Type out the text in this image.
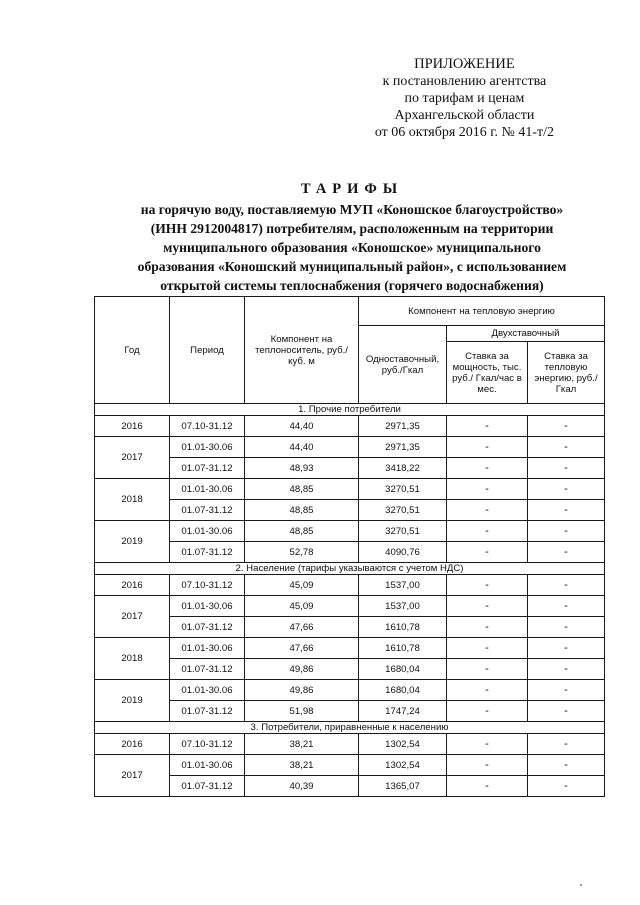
ПРИЛОЖЕНИЕ
к постановлению агентства
по тарифам и ценам
Архангельской области
от 06 октября 2016 г. № 41-т/2
ТАРИФЫ
на горячую воду, поставляемую МУП «Коношское благоустройство»
(ИНН 2912004817) потребителям, расположенным на территории
муниципального образования «Коношское» муниципального
образования «Коношский муниципальный район», с использованием
открытой системы теплоснабжения (горячего водоснабжения)
Год	Период	Компонент на теплоноситель, руб./куб. м	Компонент на тепловую энергию		
			Одноставочный, руб./Гкал	Двухставочный	
				Ставка за мощность, тыс. руб./ Гкал/час в мес.	Ставка за тепловую энергию, руб./Гкал
1. Прочие потребители					
2016	07.10-31.12	44,40	2971,35	-	-
2017	01.01-30.06	44,40	2971,35	-	-
	01.07-31.12	48,93	3418,22	-	-
2018	01.01-30.06	48,85	3270,51	-	-
	01.07-31.12	48,85	3270,51	-	-
2019	01.01-30.06	48,85	3270,51	-	-
	01.07-31.12	52,78	4090,76	-	-
2. Население (тарифы указываются с учетом НДС)					
2016	07.10-31.12	45,09	1537,00	-	-
2017	01.01-30.06	45,09	1537,00	-	-
	01.07-31.12	47,66	1610,78	-	-
2018	01.01-30.06	47,66	1610,78	-	-
	01.07-31.12	49,86	1680,04	-	-
2019	01.01-30.06	49,86	1680,04	-	-
	01.07-31.12	51,98	1747,24	-	-
3. Потребители, приравненные к населению					
2016	07.10-31.12	38,21	1302,54	-	-
2017	01.01-30.06	38,21	1302,54	-	-
	01.07-31.12	40,39	1365,07	-	-
